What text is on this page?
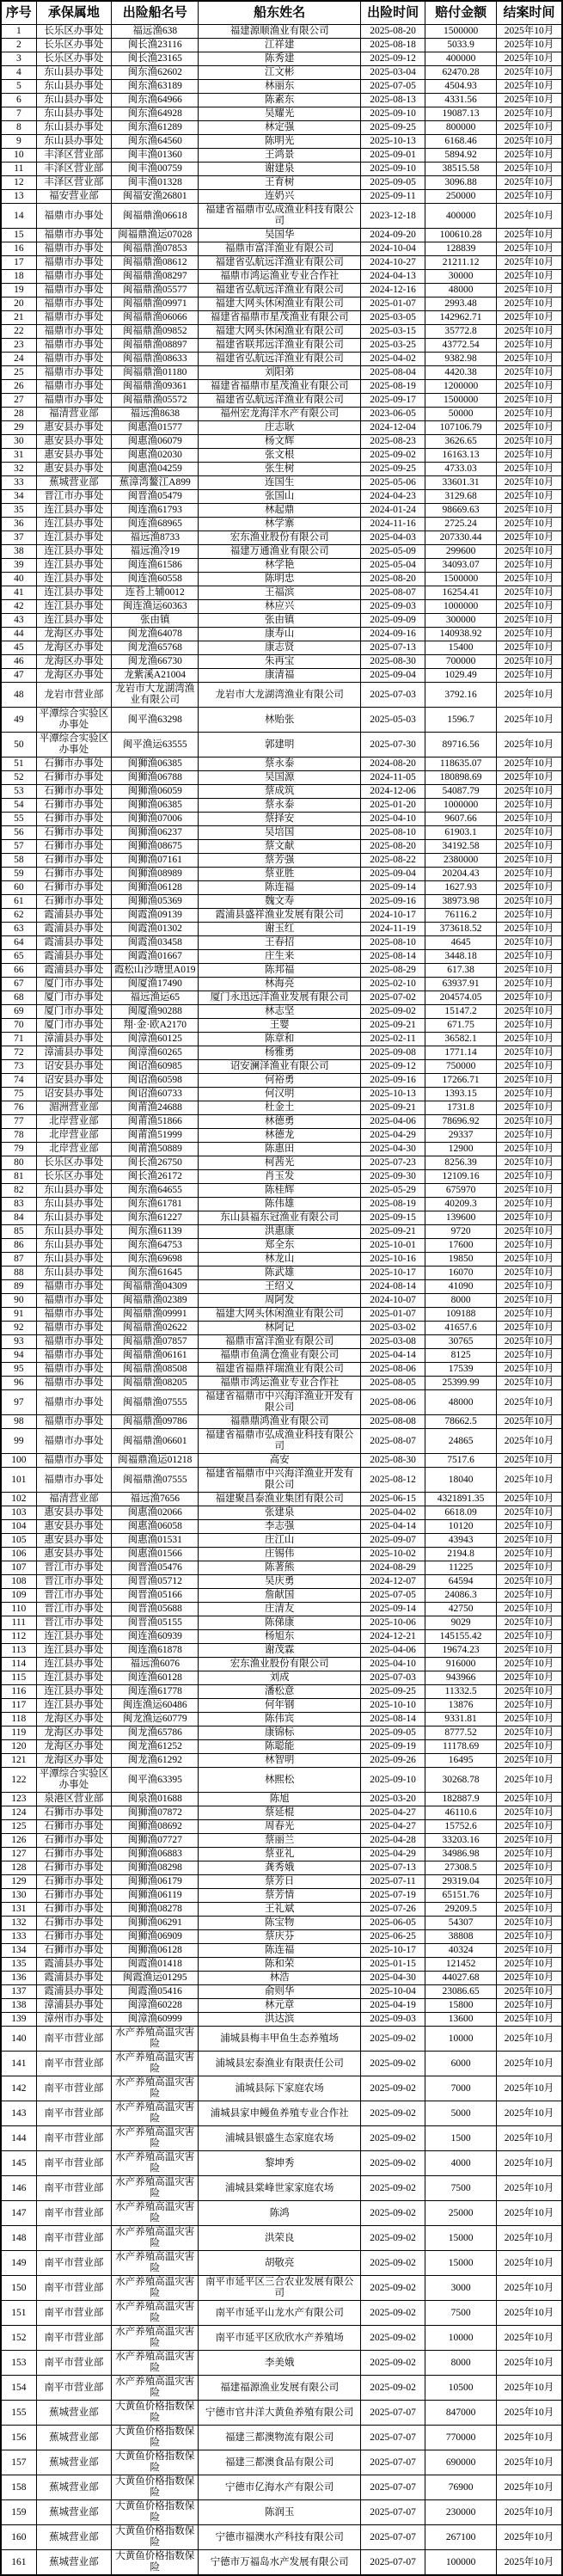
序号	承保属地	出险船名号	船东姓名	出险时间	赔付金额	结案时间
1	长乐区办事处	福远渔638	福建源顺渔业有限公司	2025-08-20	1500000	2025年10月
2	长乐区办事处	闽长渔23116	江祥建	2025-08-18	5033.9	2025年10月
3	长乐区办事处	闽长渔23165	陈秀建	2025-09-12	400000	2025年10月
4	东山县办事处	闽东渔62602	江文彬	2025-03-04	62470.28	2025年10月
5	东山县办事处	闽东渔63189	林丽东	2025-07-05	4504.93	2025年10月
6	东山县办事处	闽东渔64966	陈素东	2025-08-13	4331.56	2025年10月
7	东山县办事处	闽东渔64928	吴耀光	2025-09-10	19087.13	2025年10月
8	东山县办事处	闽东渔61289	林定强	2025-09-25	800000	2025年10月
9	东山县办事处	闽东渔64560	陈明光	2025-10-13	6168.46	2025年10月
10	丰泽区营业部	闽丰渔01360	王鸿景	2025-09-01	5894.92	2025年10月
11	丰泽区营业部	闽丰渔00759	谢建泉	2025-09-10	38515.58	2025年10月
12	丰泽区营业部	闽丰渔01328	王育树	2025-09-05	3096.88	2025年10月
13	福安营业部	闽福安渔26801	连奶兴	2025-09-11	250000	2025年10月
14	福鼎市办事处	闽福鼎渔06618	福建省福鼎市弘成渔业科技有限公司	2023-12-18	400000	2025年10月
15	福鼎市办事处	闽福鼎渔运07028	吴国华	2024-09-20	100610.28	2025年10月
16	福鼎市办事处	闽福鼎渔07853	福鼎市富洋渔业有限公司	2024-10-04	128839	2025年10月
17	福鼎市办事处	闽福鼎渔08612	福建省弘航远洋渔业有限公司	2024-10-27	21211.12	2025年10月
18	福鼎市办事处	闽福鼎渔08297	福鼎市鸿运渔业专业合作社	2024-04-13	30000	2025年10月
19	福鼎市办事处	闽福鼎渔05577	福建省弘航远洋渔业有限公司	2024-12-16	48000	2025年10月
20	福鼎市办事处	闽福鼎渔09971	福建大网头休闲渔业有限公司	2025-01-07	2993.48	2025年10月
21	福鼎市办事处	闽福鼎渔06066	福建省福鼎市星茂渔业有限公司	2025-03-05	142962.71	2025年10月
22	福鼎市办事处	闽福鼎渔09852	福建大网头休闲渔业有限公司	2025-03-15	35772.8	2025年10月
23	福鼎市办事处	闽福鼎渔08897	福建省联邦远洋渔业有限公司	2025-03-25	43772.54	2025年10月
24	福鼎市办事处	闽福鼎渔08633	福建省弘航远洋渔业有限公司	2025-04-02	9382.98	2025年10月
25	福鼎市办事处	闽福鼎渔01180	刘阳弟	2025-08-04	4420.38	2025年10月
26	福鼎市办事处	闽福鼎渔09361	福建省福鼎市星茂渔业有限公司	2025-08-19	1200000	2025年10月
27	福鼎市办事处	闽福鼎渔05572	福建省弘航远洋渔业有限公司	2025-09-17	1500000	2025年10月
28	福清营业部	福远渔8638	福州宏龙海洋水产有限公司	2023-06-05	50000	2025年10月
29	惠安县办事处	闽惠渔01577	庄志耿	2024-12-04	107106.79	2025年10月
30	惠安县办事处	闽惠渔06079	杨文辉	2025-08-23	3626.65	2025年10月
31	惠安县办事处	闽惠渔02030	张文根	2025-09-02	16163.13	2025年10月
32	惠安县办事处	闽惠渔04259	张生树	2025-09-25	4733.03	2025年10月
33	蕉城营业部	蕉漳湾鳌江A899	连国生	2025-05-06	33601.31	2025年10月
34	晋江市办事处	闽晋渔05479	张国山	2024-04-23	3129.68	2025年10月
35	连江县办事处	闽连渔61793	林起鼎	2024-01-24	98669.63	2025年10月
36	连江县办事处	闽连渔68965	林学寨	2024-11-16	2725.24	2025年10月
37	连江县办事处	福远渔8733	宏东渔业股份有限公司	2025-04-03	207330.44	2025年10月
38	连江县办事处	福远渔冷19	福建万通渔业有限公司	2025-05-09	299600	2025年10月
39	连江县办事处	闽连渔61586	林学艳	2025-05-04	34093.07	2025年10月
40	连江县办事处	闽连渔60558	陈明忠	2025-08-20	1500000	2025年10月
41	连江县办事处	连苔上辅0012	王福滨	2025-08-07	16254.41	2025年10月
42	连江县办事处	闽连渔运60363	林应兴	2025-09-03	1000000	2025年10月
43	连江县办事处	张由镇	张由镇	2025-09-09	300000	2025年10月
44	龙海区办事处	闽龙渔64078	康寿山	2024-09-16	140938.92	2025年10月
45	龙海区办事处	闽龙渔65768	康志贤	2025-07-13	15400	2025年10月
46	龙海区办事处	闽龙渔66730	朱再宝	2025-08-30	700000	2025年10月
47	龙海区办事处	龙紫溪A21004	康清福	2025-09-04	1029.49	2025年10月
48	龙岩市营业部	龙岩市大龙湖湾渔业有限公司	龙岩市大龙湖湾渔业有限公司	2025-07-03	3792.16	2025年10月
49	平潭综合实验区办事处	闽平渔63298	林贻张	2025-05-03	1596.7	2025年10月
50	平潭综合实验区办事处	闽平渔运63555	郭建明	2025-07-30	89716.56	2025年10月
51	石狮市办事处	闽狮渔06385	蔡永泰	2024-08-20	118635.07	2025年10月
52	石狮市办事处	闽狮渔06788	吴国源	2024-11-05	180898.69	2025年10月
53	石狮市办事处	闽狮渔06059	蔡成筑	2024-12-06	54087.79	2025年10月
54	石狮市办事处	闽狮渔06385	蔡永泰	2025-01-20	1000000	2025年10月
55	石狮市办事处	闽狮渔07006	蔡择安	2025-04-10	9607.66	2025年10月
56	石狮市办事处	闽狮渔06237	吴培国	2025-08-10	61903.1	2025年10月
57	石狮市办事处	闽狮渔08675	蔡文献	2025-08-20	34192.58	2025年10月
58	石狮市办事处	闽狮渔07161	蔡芳强	2025-08-22	2380000	2025年10月
59	石狮市办事处	闽狮渔08989	蔡亚胜	2025-09-04	20204.43	2025年10月
60	石狮市办事处	闽狮渔06128	陈连福	2025-09-14	1627.93	2025年10月
61	石狮市办事处	闽狮渔05369	魏文寿	2025-09-16	38973.98	2025年10月
62	霞浦县办事处	闽霞渔09139	霞浦县盛祥渔业发展有限公司	2024-10-17	76116.2	2025年10月
63	霞浦县办事处	闽霞渔01302	谢玉红	2024-11-19	373618.52	2025年10月
64	霞浦县办事处	闽霞渔03458	王春招	2025-08-10	4645	2025年10月
65	霞浦县办事处	闽霞渔01667	庄生来	2025-08-14	3448.18	2025年10月
66	霞浦县办事处	霞松山沙塘里A019	陈邦福	2025-08-29	617.38	2025年10月
67	厦门市办事处	闽厦渔17490	林海亮	2025-02-10	63937.91	2025年10月
68	厦门市办事处	福远渔运65	厦门永迅远洋渔业发展有限公司	2025-07-02	204574.05	2025年10月
69	厦门市办事处	闽厦渔90288	林志坚	2025-09-02	15147.2	2025年10月
70	厦门市办事处	翔·金·欧A2170	王婴	2025-09-21	671.75	2025年10月
71	漳浦县办事处	闽漳渔60125	陈章和	2025-02-11	36582.1	2025年10月
72	漳浦县办事处	闽漳渔60265	杨雅勇	2025-09-08	1771.14	2025年10月
73	诏安县办事处	闽诏渔60985	诏安澜泽渔业有限公司	2025-09-12	750000	2025年10月
74	诏安县办事处	闽诏渔60598	何裕勇	2025-09-16	17266.71	2025年10月
75	诏安县办事处	闽诏渔60733	何汉明	2025-10-13	1393.15	2025年10月
76	湄洲营业部	闽莆渔24688	杜金土	2025-09-21	1731.8	2025年10月
77	北岸营业部	闽莆渔51866	林德勇	2025-04-06	78696.92	2025年10月
78	北岸营业部	闽莆渔51999	林德龙	2025-04-29	29337	2025年10月
79	北岸营业部	闽莆渔50889	陈惠田	2025-04-30	12900	2025年10月
80	长乐区办事处	闽长渔26750	柯茜光	2025-07-23	8256.39	2025年10月
81	长乐区办事处	闽长渔26172	肖玉发	2025-09-30	12109.16	2025年10月
82	东山县办事处	闽东渔64655	陈桂辉	2025-05-29	675970	2025年10月
83	东山县办事处	闽东渔61781	陈伟雄	2025-08-19	40209.3	2025年10月
84	东山县办事处	闽东渔61227	东山县福东冠渔业有限公司	2025-09-15	139600	2025年10月
85	东山县办事处	闽东渔61139	洪惠康	2025-09-21	9720	2025年10月
86	东山县办事处	闽东渔64753	郑全东	2025-10-01	17600	2025年10月
87	东山县办事处	闽东渔69698	林龙山	2025-10-16	19850	2025年10月
88	东山县办事处	闽东渔61645	陈武雄	2025-10-17	16070	2025年10月
89	福鼎市办事处	闽福鼎渔04309	王绍义	2024-08-14	41090	2025年10月
90	福鼎市办事处	闽福鼎渔02389	周阿发	2024-10-07	8000	2025年10月
91	福鼎市办事处	闽福鼎渔09991	福建大网头休闲渔业有限公司	2025-01-07	109188	2025年10月
92	福鼎市办事处	闽福鼎渔02622	林阿记	2025-03-02	41657.6	2025年10月
93	福鼎市办事处	闽福鼎渔07857	福鼎市富洋渔业有限公司	2025-03-08	30765	2025年10月
94	福鼎市办事处	闽福鼎渔06161	福鼎市鱼满仓渔业有限公司	2025-04-14	8125	2025年10月
95	福鼎市办事处	闽福鼎渔08508	福建省福鼎祥瑞渔业有限公司	2025-08-06	17539	2025年10月
96	福鼎市办事处	闽福鼎渔08205	福鼎市鸿运渔业专业合作社	2025-08-05	25399.99	2025年10月
97	福鼎市办事处	闽福鼎渔07555	福建省福鼎市中兴海洋渔业开发有限公司	2025-08-06	48000	2025年10月
98	福鼎市办事处	闽福鼎渔09786	福鼎鼎鸿渔业有限公司	2025-08-08	78662.5	2025年10月
99	福鼎市办事处	闽福鼎渔06601	福建省福鼎市弘成渔业科技有限公司	2025-08-07	24865	2025年10月
100	福鼎市办事处	闽福鼎渔运01218	高安	2025-08-30	7517.6	2025年10月
101	福鼎市办事处	闽福鼎渔07555	福建省福鼎市中兴海洋渔业开发有限公司	2025-08-12	18040	2025年10月
102	福清营业部	福远渔7656	福建聚昌泰渔业集团有限公司	2025-06-15	4321891.35	2025年10月
103	惠安县办事处	闽惠渔02066	张建泉	2025-04-02	6618.09	2025年10月
104	惠安县办事处	闽惠渔06058	李志强	2025-04-14	10120	2025年10月
105	惠安县办事处	闽惠渔01531	庄江山	2025-09-07	43943	2025年10月
106	惠安县办事处	闽惠渔01566	庄锡伟	2025-10-02	2194.8	2025年10月
107	晋江市办事处	闽晋渔05476	陈著熊	2024-08-29	11225	2025年10月
108	晋江市办事处	闽晋渔05712	吴庆勇	2024-12-07	64594	2025年10月
109	晋江市办事处	闽晋渔05166	詹献国	2025-07-05	24086.3	2025年10月
110	晋江市办事处	闽晋渔05688	庄清友	2025-09-14	42750	2025年10月
111	晋江市办事处	闽晋渔05155	陈俤康	2025-10-06	9029	2025年10月
112	连江县办事处	闽连渔60939	杨旭东	2024-12-21	145155.42	2025年10月
113	连江县办事处	闽连渔61878	谢茂霖	2025-04-06	19674.23	2025年10月
114	连江县办事处	福远渔6076	宏东渔业股份有限公司	2025-04-10	916000	2025年10月
115	连江县办事处	闽连渔60128	刘成	2025-07-03	943966	2025年10月
116	连江县办事处	闽连渔61778	潘松意	2025-09-25	11332.5	2025年10月
117	连江县办事处	闽连渔运60486	何年钢	2025-10-10	13876	2025年10月
118	龙海区办事处	闽龙渔运60779	陈伟宾	2025-08-14	9331.81	2025年10月
119	龙海区办事处	闽龙渔65786	康锦标	2025-09-05	8777.52	2025年10月
120	龙海区办事处	闽龙渔61252	陈聪能	2025-09-19	11178.69	2025年10月
121	龙海区办事处	闽龙渔61292	林智明	2025-09-26	16495	2025年10月
122	平潭综合实验区办事处	闽平渔63395	林熙松	2025-09-10	30268.78	2025年10月
123	泉港区营业部	闽泉渔01688	陈旭	2025-03-20	182887.9	2025年10月
124	石狮市办事处	闽狮渔07872	蔡延棍	2025-04-27	46110.6	2025年10月
125	石狮市办事处	闽狮渔08692	周春光	2025-04-27	15752.6	2025年10月
126	石狮市办事处	闽狮渔07727	蔡丽兰	2025-04-28	33203.16	2025年10月
127	石狮市办事处	闽狮渔06883	蔡亚礼	2025-04-29	34986.98	2025年10月
128	石狮市办事处	闽狮渔08298	龚秀娥	2025-07-13	27308.5	2025年10月
129	石狮市办事处	闽狮渔06179	蔡芳日	2025-07-11	29319.04	2025年10月
130	石狮市办事处	闽狮渔06119	蔡芳情	2025-07-19	65151.76	2025年10月
131	石狮市办事处	闽狮渔08278	王礼斌	2025-07-26	29209.5	2025年10月
132	石狮市办事处	闽狮渔06291	陈宝物	2025-06-05	54307	2025年10月
133	石狮市办事处	闽狮渔06909	蔡庆芬	2025-06-25	38808	2025年10月
134	石狮市办事处	闽狮渔06128	陈连福	2025-10-17	40324	2025年10月
135	霞浦县办事处	闽霞渔01418	陈和荣	2025-01-15	121452	2025年10月
136	霞浦县办事处	闽霞渔运01295	林浩	2025-04-30	44027.68	2025年10月
137	霞浦县办事处	闽霞渔05416	俞则华	2025-10-04	23086.65	2025年10月
138	漳浦县办事处	闽漳渔60228	林元章	2025-04-19	15800	2025年10月
139	漳州市办事处	闽漳渔60999	洪达滨	2025-09-03	13600	2025年10月
140	南平市营业部	水产养殖高温灾害险	浦城县梅丰甲鱼生态养殖场	2025-09-02	10000	2025年10月
141	南平市营业部	水产养殖高温灾害险	浦城县宏泰渔业有限责任公司	2025-09-02	6000	2025年10月
142	南平市营业部	水产养殖高温灾害险	浦城县际下家庭农场	2025-09-02	7000	2025年10月
143	南平市营业部	水产养殖高温灾害险	浦城县家申鳗鱼养殖专业合作社	2025-09-02	5000	2025年10月
144	南平市营业部	水产养殖高温灾害险	浦城县银盛生态家庭农场	2025-09-02	1500	2025年10月
145	南平市营业部	水产养殖高温灾害险	黎坤秀	2025-09-02	4000	2025年10月
146	南平市营业部	水产养殖高温灾害险	浦城县棠峰世家家庭农场	2025-09-02	7500	2025年10月
147	南平市营业部	水产养殖高温灾害险	陈鸿	2025-09-02	25000	2025年10月
148	南平市营业部	水产养殖高温灾害险	洪荣良	2025-09-02	15000	2025年10月
149	南平市营业部	水产养殖高温灾害险	胡敬亮	2025-09-02	15000	2025年10月
150	南平市营业部	水产养殖高温灾害险	南平市延平区三合农业发展有限公司	2025-09-02	3000	2025年10月
151	南平市营业部	水产养殖高温灾害险	南平市延平山龙水产有限公司	2025-09-02	7500	2025年10月
152	南平市营业部	水产养殖高温灾害险	南平市延平区欣欣水产养殖场	2025-09-02	10000	2025年10月
153	南平市营业部	水产养殖高温灾害险	李美娥	2025-09-02	8000	2025年10月
154	南平市营业部	水产养殖高温灾害险	福建福源渔业发展有限公司	2025-09-02	10500	2025年10月
155	蕉城营业部	大黄鱼价格指数保险	宁德市官井洋大黄鱼养殖有限公司	2025-07-07	847000	2025年10月
156	蕉城营业部	大黄鱼价格指数保险	福建三都澳物流有限公司	2025-07-07	770000	2025年10月
157	蕉城营业部	大黄鱼价格指数保险	福建三都澳食品有限公司	2025-07-07	690000	2025年10月
158	蕉城营业部	大黄鱼价格指数保险	宁德市亿海水产有限公司	2025-07-07	76900	2025年10月
159	蕉城营业部	大黄鱼价格指数保险	陈润玉	2025-07-07	230000	2025年10月
160	蕉城营业部	大黄鱼价格指数保险	宁德市福澳水产科技有限公司	2025-07-07	267100	2025年10月
161	蕉城营业部	大黄鱼价格指数保险	宁德市万福岛水产发展有限公司	2025-07-07	100000	2025年10月
